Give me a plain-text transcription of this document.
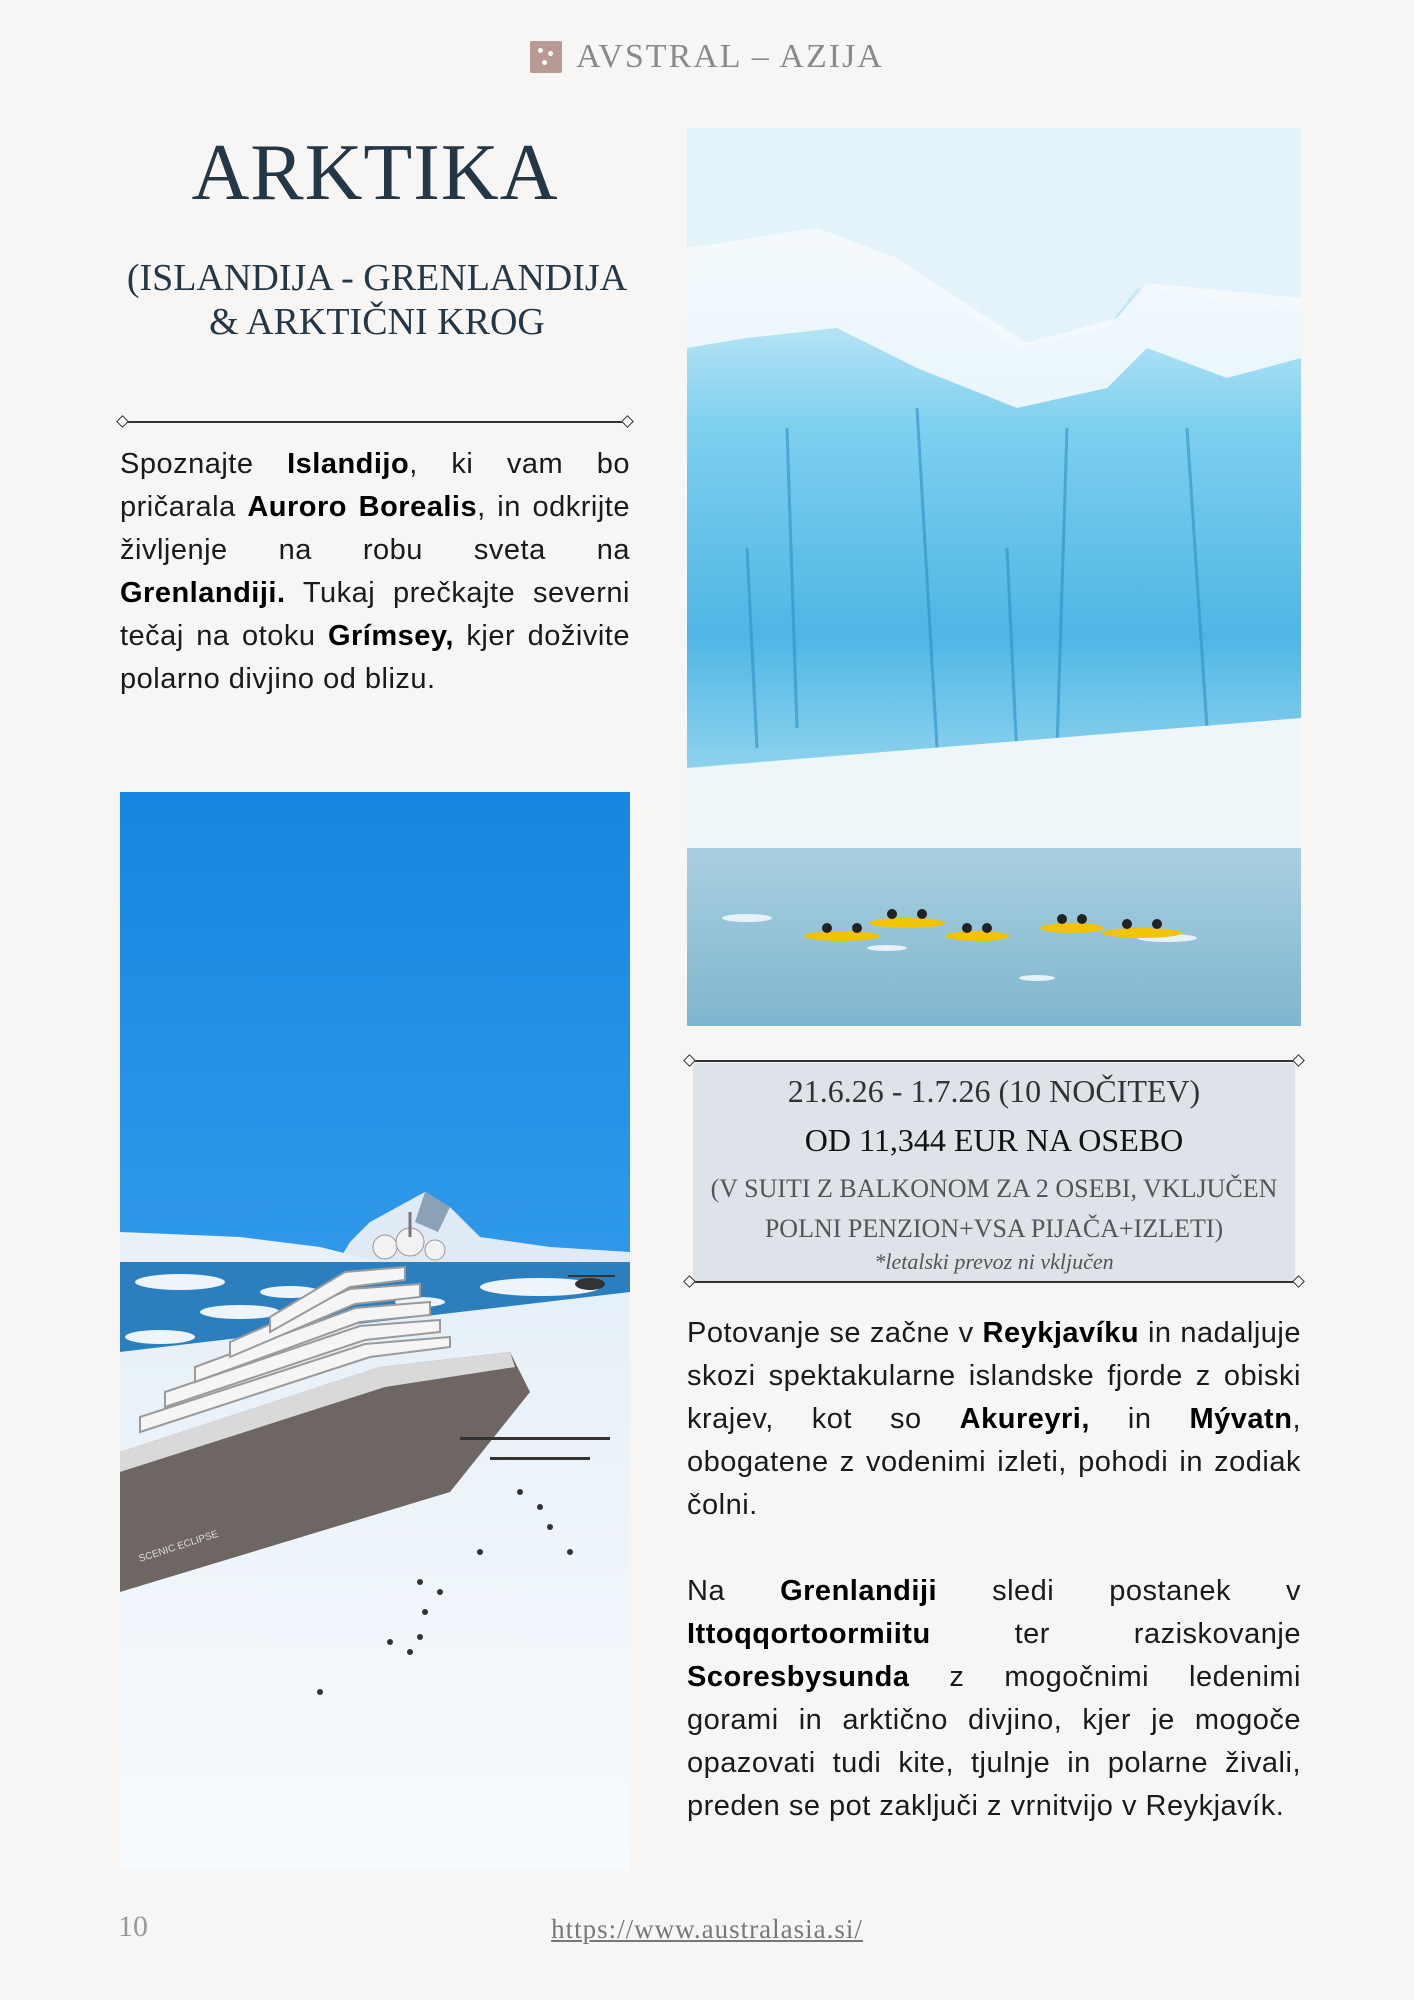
AVSTRAL – AZIJA
ARKTIKA
(ISLANDIJA - GRENLANDIJA & ARKTIČNI KROG
Spoznajte Islandijo, ki vam bo pričarala Auroro Borealis, in odkrijte življenje na robu sveta na Grenlandiji. Tukaj prečkajte severni tečaj na otoku Grímsey, kjer doživite polarno divjino od blizu.
SCENIC ECLIPSE
21.6.26 - 1.7.26 (10 NOČITEV)
OD 11,344 EUR NA OSEBO
(V SUITI Z BALKONOM ZA 2 OSEBI, VKLJUČEN POLNI PENZION+VSA PIJAČA+IZLETI)
*letalski prevoz ni vključen
Potovanje se začne v Reykjavíku in nadaljuje skozi spektakularne islandske fjorde z obiski krajev, kot so Akureyri, in Mývatn, obogatene z vodenimi izleti, pohodi in zodiak čolni.
Na Grenlandiji sledi postanek v Ittoqqortoormiitu ter raziskovanje Scoresbysunda z mogočnimi ledenimi gorami in arktično divjino, kjer je mogoče opazovati tudi kite, tjulnje in polarne živali, preden se pot zaključi z vrnitvijo v Reykjavík.
10	https://www.australasia.si/
